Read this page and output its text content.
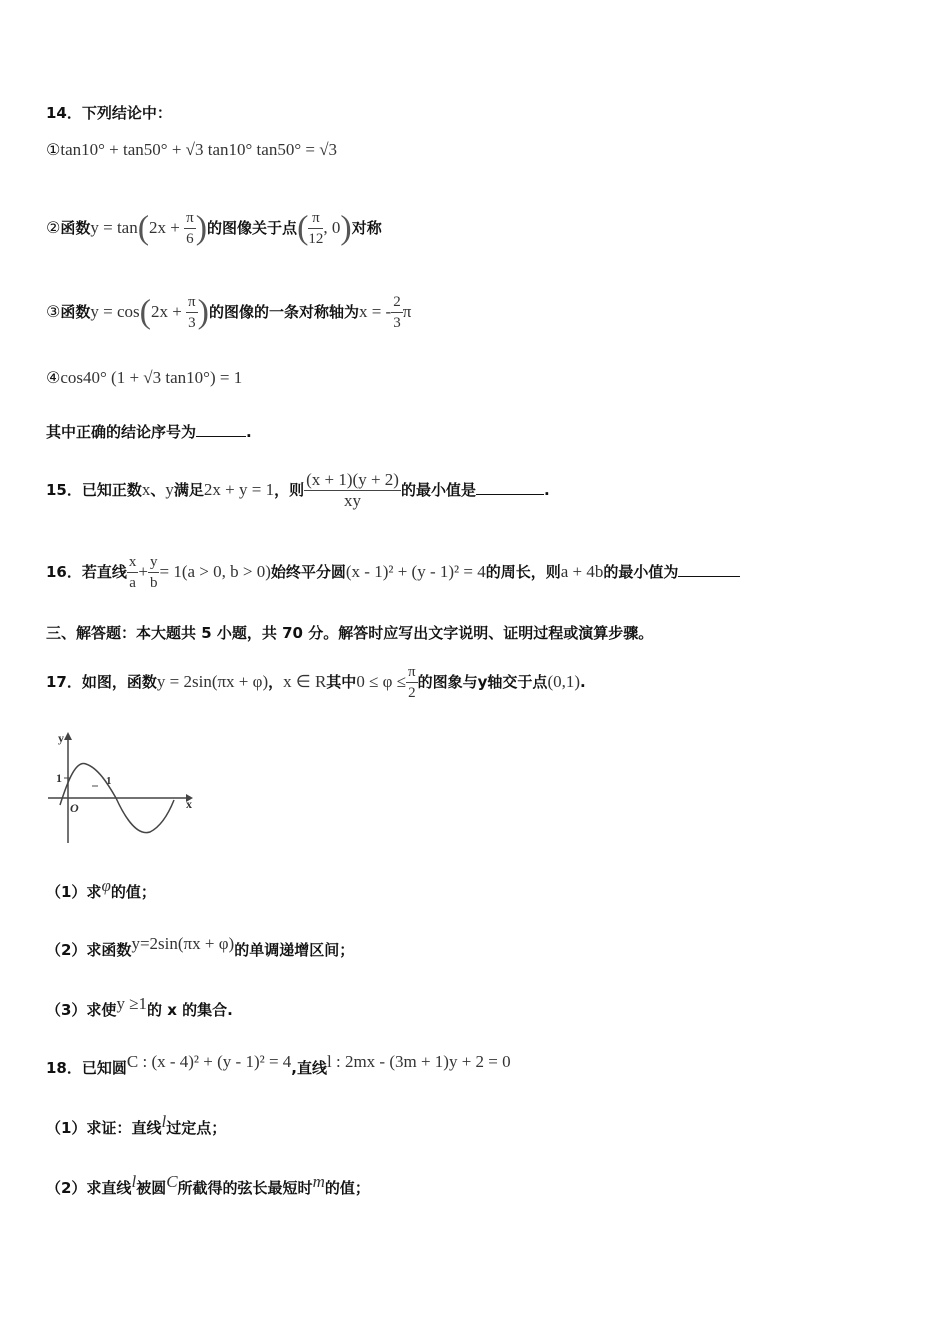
14．下列结论中：
①tan10° + tan50° + √3 tan10° tan50° = √3
②函数$y = \tan(2x + \frac{\pi}{6}$ )的图像关于点( $\frac{\pi}{12}$ , 0)对称
③函数$y = \cos(2x + \frac{\pi}{3}$ )的图像的一条对称轴为x = - $\frac{2}{3}$ π
④cos40° (1 + √3 tan10°) = 1
其中正确的结论序号为	.
15．已知正数x、y满足2x + y = 1，则 $\frac{(x + 1)(y + 2)}{xy}$ 的最小值是	.
16．若直线 $\frac{x}{a} + \frac{y}{b} = 1(a > 0$, b > 0)始终平分圆(x - 1)² + (y - 1)² = 4的周长，则a + 4b的最小值为
三、解答题：本大题共 5 小题，共 70 分。解答时应写出文字说明、证明过程或演算步骤。
17．如图，函数y = 2sin(πx + φ)，x ∈ R其中$0 \le \varphi \le \frac{\pi}{2}$ 的图象与y轴交于点(0,1).
y
x
O
1	1
（1）求φ的值；
（2）求函数y=2sin(πx + φ)的单调递增区间；
（3）求使y ≥1的 x 的集合.
18．已知圆C : (x - 4)² + (y - 1)² = 4,直线l : 2mx - (3m + 1)y + 2 = 0
（1）求证：直线l过定点；
（2）求直线l被圆C所截得的弦长最短时m的值；
